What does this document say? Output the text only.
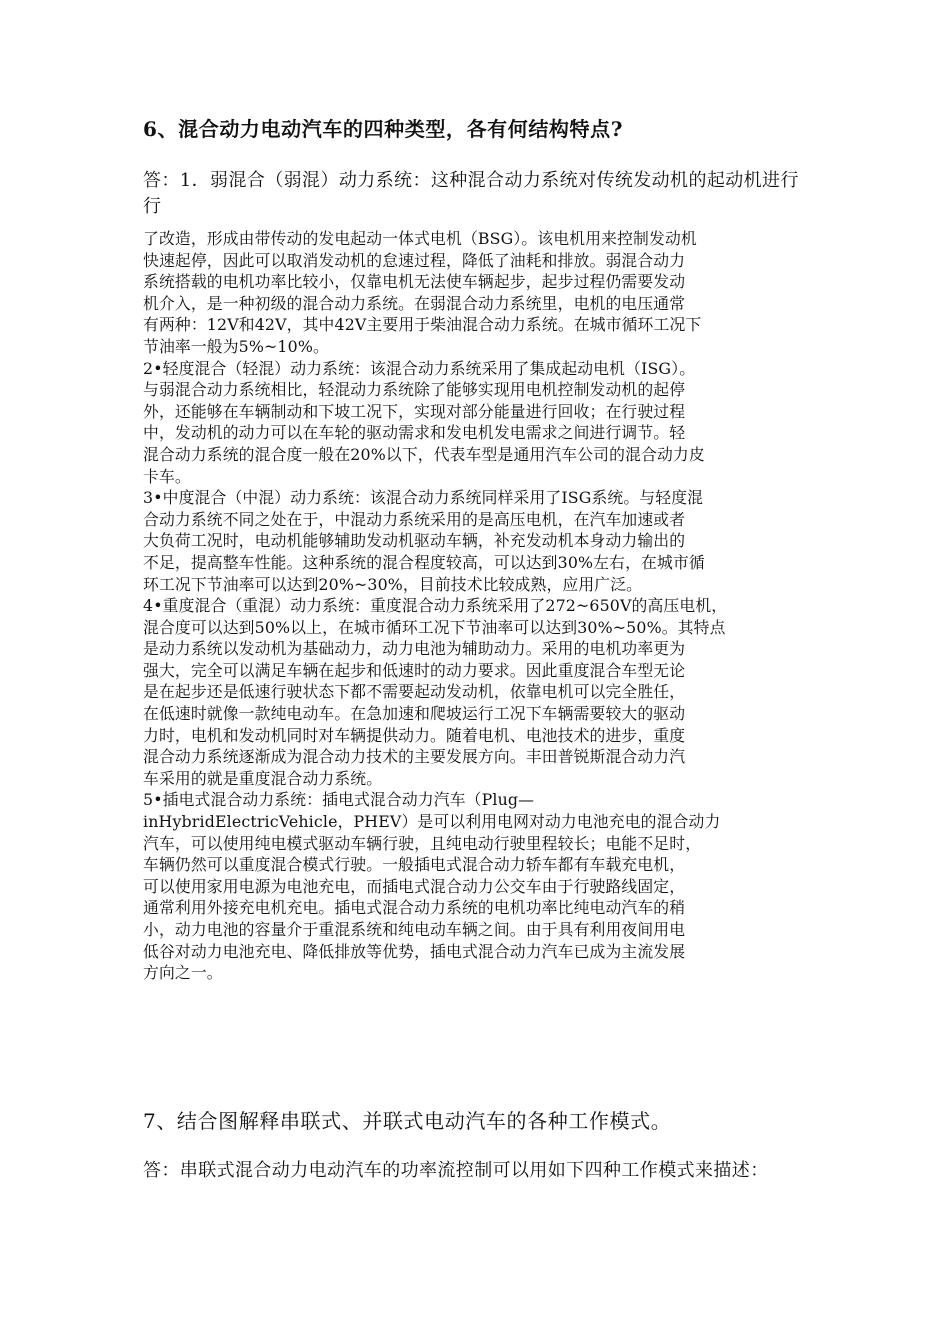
6、混合动力电动汽车的四种类型，各有何结构特点?
答：1．弱混合（弱混）动力系统：这种混合动力系统对传统发动机的起动机进行
行
了改造，形成由带传动的发电起动一体式电机（BSG）。该电机用来控制发动机
快速起停，因此可以取消发动机的怠速过程，降低了油耗和排放。弱混合动力
系统搭载的电机功率比较小，仅靠电机无法使车辆起步，起步过程仍需要发动
机介入，是一种初级的混合动力系统。在弱混合动力系统里，电机的电压通常
有两种：12V和42V，其中42V主要用于柴油混合动力系统。在城市循环工况下
节油率一般为5%~10%。
2•轻度混合（轻混）动力系统：该混合动力系统采用了集成起动电机（ISG）。
与弱混合动力系统相比，轻混动力系统除了能够实现用电机控制发动机的起停
外，还能够在车辆制动和下坡工况下，实现对部分能量进行回收；在行驶过程
中，发动机的动力可以在车轮的驱动需求和发电机发电需求之间进行调节。轻
混合动力系统的混合度一般在20%以下，代表车型是通用汽车公司的混合动力皮
卡车。
3•中度混合（中混）动力系统：该混合动力系统同样采用了ISG系统。与轻度混
合动力系统不同之处在于，中混动力系统采用的是高压电机，在汽车加速或者
大负荷工况时，电动机能够辅助发动机驱动车辆，补充发动机本身动力输出的
不足，提高整车性能。这种系统的混合程度较高，可以达到30%左右，在城市循
环工况下节油率可以达到20%~30%，目前技术比较成熟，应用广泛。
4•重度混合（重混）动力系统：重度混合动力系统采用了272~650V的高压电机，
混合度可以达到50%以上，在城市循环工况下节油率可以达到30%~50%。其特点
是动力系统以发动机为基础动力，动力电池为辅助动力。采用的电机功率更为
强大，完全可以满足车辆在起步和低速时的动力要求。因此重度混合车型无论
是在起步还是低速行驶状态下都不需要起动发动机，依靠电机可以完全胜任，
在低速时就像一款纯电动车。在急加速和爬坡运行工况下车辆需要较大的驱动
力时，电机和发动机同时对车辆提供动力。随着电机、电池技术的进步，重度
混合动力系统逐渐成为混合动力技术的主要发展方向。丰田普锐斯混合动力汽
车采用的就是重度混合动力系统。
5•插电式混合动力系统：插电式混合动力汽车（Plug—
inHybridElectricVehicle，PHEV）是可以利用电网对动力电池充电的混合动力
汽车，可以使用纯电模式驱动车辆行驶，且纯电动行驶里程较长；电能不足时，
车辆仍然可以重度混合模式行驶。一般插电式混合动力轿车都有车载充电机，
可以使用家用电源为电池充电，而插电式混合动力公交车由于行驶路线固定，
通常利用外接充电机充电。插电式混合动力系统的电机功率比纯电动汽车的稍
小，动力电池的容量介于重混系统和纯电动车辆之间。由于具有利用夜间用电
低谷对动力电池充电、降低排放等优势，插电式混合动力汽车已成为主流发展
方向之一。
7、结合图解释串联式、并联式电动汽车的各种工作模式。
答：串联式混合动力电动汽车的功率流控制可以用如下四种工作模式来描述：
